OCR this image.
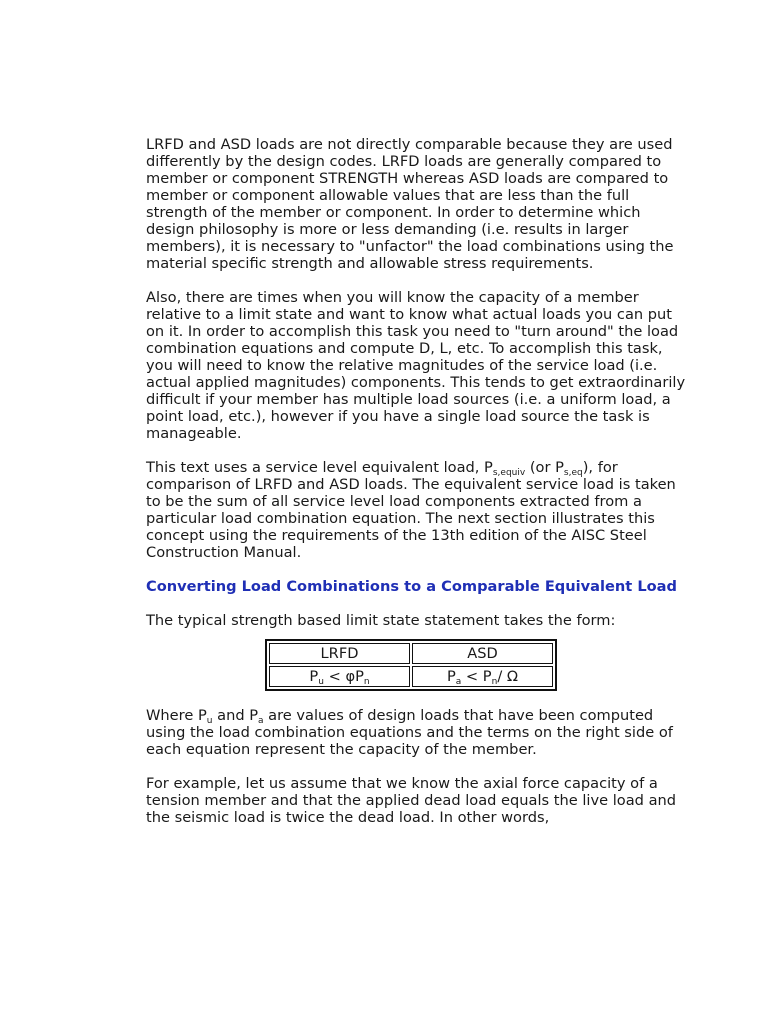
LRFD and ASD loads are not directly comparable because they are used differently by the design codes. LRFD loads are generally compared to member or component STRENGTH whereas ASD loads are compared to member or component allowable values that are less than the full strength of the member or component. In order to determine which design philosophy is more or less demanding (i.e. results in larger members), it is necessary to "unfactor" the load combinations using the material specific strength and allowable stress requirements.

Also, there are times when you will know the capacity of a member relative to a limit state and want to know what actual loads you can put on it. In order to accomplish this task you need to "turn around" the load combination equations and compute D, L, etc. To accomplish this task, you will need to know the relative magnitudes of the service load (i.e. actual applied magnitudes) components. This tends to get extraordinarily difficult if your member has multiple load sources (i.e. a uniform load, a point load, etc.), however if you have a single load source the task is manageable.

This text uses a service level equivalent load, $P_{s,equiv}$ (or $P_{s,eq}$), for comparison of LRFD and ASD loads. The equivalent service load is taken to be the sum of all service level load components extracted from a particular load combination equation. The next section illustrates this concept using the requirements of the 13th edition of the AISC Steel Construction Manual.

Converting Load Combinations to a Comparable Equivalent Load

The typical strength based limit state statement takes the form:

LRFD	ASD
$P_u < \varphi P_n$	$P_a < P_n/$ Ω

Where $P_u$ and $P_a$ are values of design loads that have been computed using the load combination equations and the terms on the right side of each equation represent the capacity of the member.

For example, let us assume that we know the axial force capacity of a tension member and that the applied dead load equals the live load and the seismic load is twice the dead load. In other words,
